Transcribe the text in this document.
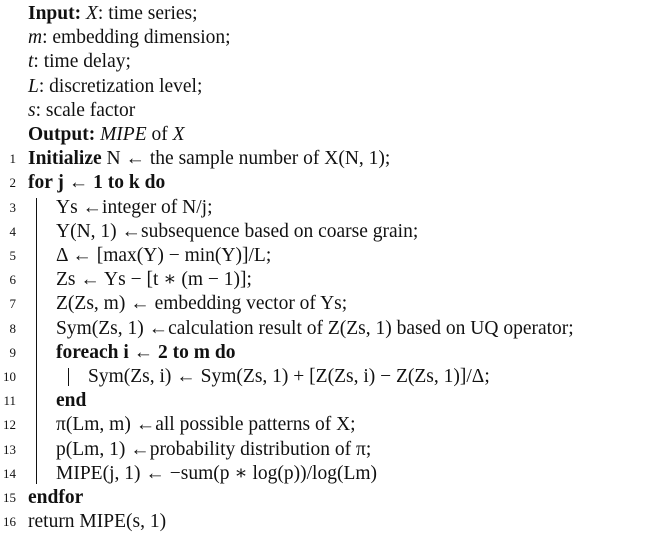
Input: X: time series;
m: embedding dimension;
t: time delay;
L: discretization level;
s: scale factor
Output: MIPE of X
1 Initialize N ← the sample number of X(N, 1);
2 for j ← 1 to k do
3 Ys ←integer of N/j;
4 Y(N, 1) ←subsequence based on coarse grain;
5 Δ ← [max(Y) − min(Y)]/L;
6 Zs ← Ys − [t ∗ (m − 1)];
7 Z(Zs, m) ← embedding vector of Ys;
8 Sym(Zs, 1) ←calculation result of Z(Zs, 1) based on UQ operator;
9 foreach i ← 2 to m do
10	Sym(Zs, i) ← Sym(Zs, 1) + [Z(Zs, i) − Z(Zs, 1)]/Δ;
11 end
12 π(Lm, m) ←all possible patterns of X;
13 p(Lm, 1) ←probability distribution of π;
14 MIPE(j, 1) ← −sum(p ∗ log(p))/log(Lm)
15 endfor
16 return MIPE(s, 1)
